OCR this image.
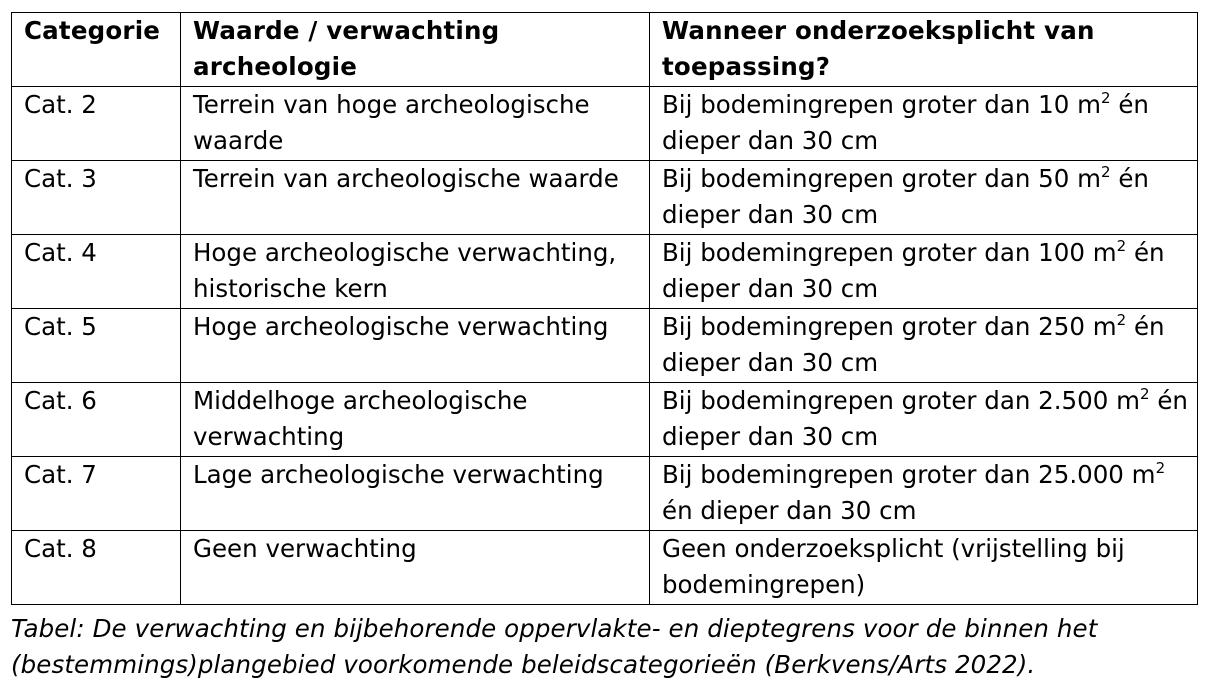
Categorie	Waarde / verwachting archeologie	Wanneer onderzoeksplicht van toepassing?
Cat. 2	Terrein van hoge archeologische waarde	Bij bodemingrepen groter dan 10 $m^2$ én dieper dan 30 cm
Cat. 3	Terrein van archeologische waarde	Bij bodemingrepen groter dan 50 $m^2$ én dieper dan 30 cm
Cat. 4	Hoge archeologische verwachting, historische kern	Bij bodemingrepen groter dan 100 $m^2$ én dieper dan 30 cm
Cat. 5	Hoge archeologische verwachting	Bij bodemingrepen groter dan 250 $m^2$ én dieper dan 30 cm
Cat. 6	Middelhoge archeologische verwachting	Bij bodemingrepen groter dan 2.500 $m^2$ én dieper dan 30 cm
Cat. 7	Lage archeologische verwachting	Bij bodemingrepen groter dan 25.000 $m^2$ én dieper dan 30 cm
Cat. 8	Geen verwachting	Geen onderzoeksplicht (vrijstelling bij bodemingrepen)
Tabel: De verwachting en bijbehorende oppervlakte- en dieptegrens voor de binnen het (bestemmings)plangebied voorkomende beleidscategorieën (Berkvens/Arts 2022).
